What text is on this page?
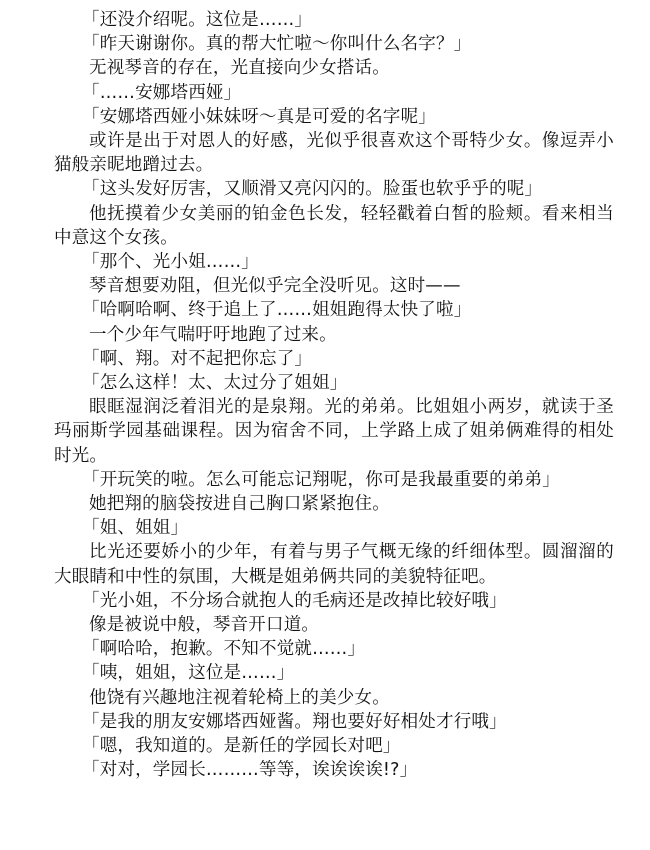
「还没介绍呢。这位是……」

「昨天谢谢你。真的帮大忙啦～你叫什么名字？」

无视琴音的存在，光直接向少女搭话。

「……安娜塔西娅」

「安娜塔西娅小妹妹呀～真是可爱的名字呢」

或许是出于对恩人的好感，光似乎很喜欢这个哥特少女。像逗弄小猫般亲昵地蹭过去。

「这头发好厉害，又顺滑又亮闪闪的。脸蛋也软乎乎的呢」

他抚摸着少女美丽的铂金色长发，轻轻戳着白皙的脸颊。看来相当中意这个女孩。

「那个、光小姐……」

琴音想要劝阻，但光似乎完全没听见。这时——

「哈啊哈啊、终于追上了……姐姐跑得太快了啦」

一个少年气喘吁吁地跑了过来。

「啊、翔。对不起把你忘了」

「怎么这样！太、太过分了姐姐」

眼眶湿润泛着泪光的是泉翔。光的弟弟。比姐姐小两岁，就读于圣玛丽斯学园基础课程。因为宿舍不同，上学路上成了姐弟俩难得的相处时光。

「开玩笑的啦。怎么可能忘记翔呢，你可是我最重要的弟弟」

她把翔的脑袋按进自己胸口紧紧抱住。

「姐、姐姐」

比光还要娇小的少年，有着与男子气概无缘的纤细体型。圆溜溜的大眼睛和中性的氛围，大概是姐弟俩共同的美貌特征吧。

「光小姐，不分场合就抱人的毛病还是改掉比较好哦」

像是被说中般，琴音开口道。

「啊哈哈，抱歉。不知不觉就……」

「咦，姐姐，这位是……」

他饶有兴趣地注视着轮椅上的美少女。

「是我的朋友安娜塔西娅酱。翔也要好好相处才行哦」

「嗯，我知道的。是新任的学园长对吧」

「对对，学园长………等等，诶诶诶诶!?」
